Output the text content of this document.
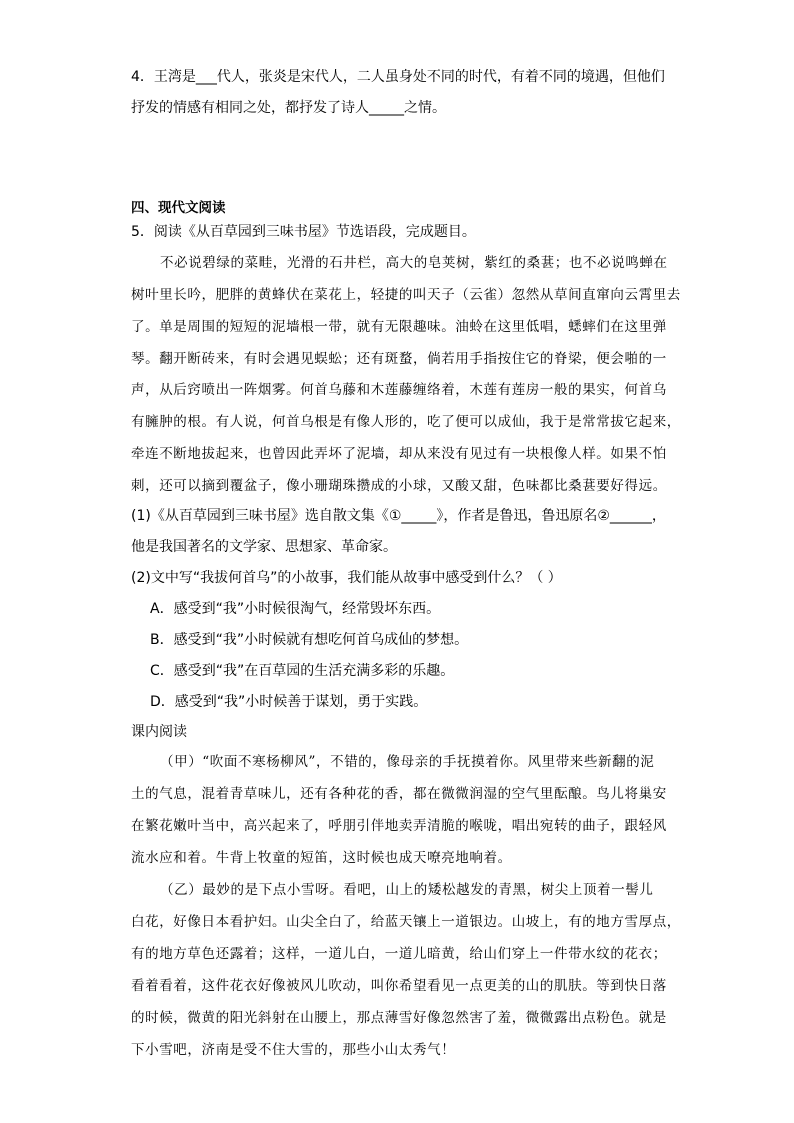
4．王湾是___代人，张炎是宋代人，二人虽身处不同的时代，有着不同的境遇，但他们
抒发的情感有相同之处，都抒发了诗人_____之情。
四、现代文阅读
5．阅读《从百草园到三味书屋》节选语段，完成题目。
不必说碧绿的菜畦，光滑的石井栏，高大的皂荚树，紫红的桑葚；也不必说鸣蝉在
树叶里长吟，肥胖的黄蜂伏在菜花上，轻捷的叫天子（云雀）忽然从草间直窜向云霄里去
了。单是周围的短短的泥墙根一带，就有无限趣味。油蛉在这里低唱，蟋蟀们在这里弹
琴。翻开断砖来，有时会遇见蜈蚣；还有斑蝥，倘若用手指按住它的脊梁，便会啪的一
声，从后窍喷出一阵烟雾。何首乌藤和木莲藤缠络着，木莲有莲房一般的果实，何首乌
有臃肿的根。有人说，何首乌根是有像人形的，吃了便可以成仙，我于是常常拔它起来，
牵连不断地拔起来，也曾因此弄坏了泥墙，却从来没有见过有一块根像人样。如果不怕
刺，还可以摘到覆盆子，像小珊瑚珠攒成的小球，又酸又甜，色味都比桑葚要好得远。
(1)《从百草园到三味书屋》选自散文集《①_____》，作者是鲁迅，鲁迅原名②______，
他是我国著名的文学家、思想家、革命家。
(2)文中写“我拔何首乌”的小故事，我们能从故事中感受到什么？（ ）
A．感受到“我”小时候很淘气，经常毁坏东西。
B．感受到“我”小时候就有想吃何首乌成仙的梦想。
C．感受到“我”在百草园的生活充满多彩的乐趣。
D．感受到“我”小时候善于谋划，勇于实践。
课内阅读
（甲）“吹面不寒杨柳风”，不错的，像母亲的手抚摸着你。风里带来些新翻的泥
土的气息，混着青草味儿，还有各种花的香，都在微微润湿的空气里酝酿。鸟儿将巢安
在繁花嫩叶当中，高兴起来了，呼朋引伴地卖弄清脆的喉咙，唱出宛转的曲子，跟轻风
流水应和着。牛背上牧童的短笛，这时候也成天嘹亮地响着。
（乙）最妙的是下点小雪呀。看吧，山上的矮松越发的青黑，树尖上顶着一髻儿
白花，好像日本看护妇。山尖全白了，给蓝天镶上一道银边。山坡上，有的地方雪厚点，
有的地方草色还露着；这样，一道儿白，一道儿暗黄，给山们穿上一件带水纹的花衣；
看着看着，这件花衣好像被风儿吹动，叫你希望看见一点更美的山的肌肤。等到快日落
的时候，微黄的阳光斜射在山腰上，那点薄雪好像忽然害了羞，微微露出点粉色。就是
下小雪吧，济南是受不住大雪的，那些小山太秀气！
